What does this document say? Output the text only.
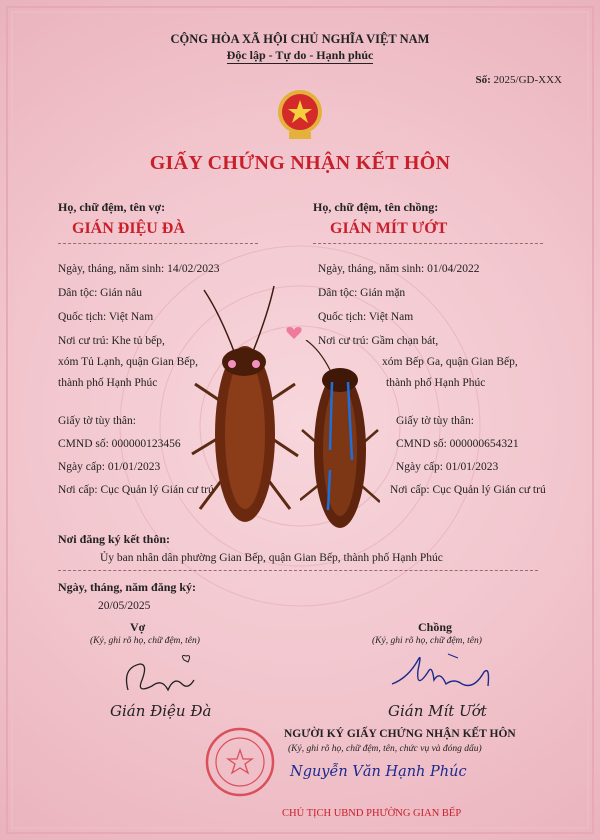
CỘNG HÒA XÃ HỘI CHỦ NGHĨA VIỆT NAM
Độc lập - Tự do - Hạnh phúc
Số: 2025/GD-XXX
GIẤY CHỨNG NHẬN KẾT HÔN
Họ, chữ đệm, tên vợ:
GIÁN ĐIỆU ĐÀ
Ngày, tháng, năm sinh: 14/02/2023
Dân tộc: Gián nâu
Quốc tịch: Việt Nam
Nơi cư trú: Khe tủ bếp,
xóm Tủ Lạnh, quận Gian Bếp,
thành phố Hạnh Phúc
Giấy tờ tùy thân:
CMND số: 000000123456
Ngày cấp: 01/01/2023
Nơi cấp: Cục Quản lý Gián cư trú
Họ, chữ đệm, tên chồng:
GIÁN MÍT ƯỚT
Ngày, tháng, năm sinh: 01/04/2022
Dân tộc: Gián mặn
Quốc tịch: Việt Nam
Nơi cư trú: Gầm chạn bát,
xóm Bếp Ga, quận Gian Bếp,
thành phố Hạnh Phúc
Giấy tờ tùy thân:
CMND số: 000000654321
Ngày cấp: 01/01/2023
Nơi cấp: Cục Quản lý Gián cư trú
Nơi đăng ký kết thôn:
Ủy ban nhân dân phường Gian Bếp, quận Gian Bếp, thành phố Hạnh Phúc
Ngày, tháng, năm đăng ký:
20/05/2025
Vợ
(Ký, ghi rõ họ, chữ đệm, tên)
Gián Điệu Đà
Chồng
(Ký, ghi rõ họ, chữ đệm, tên)
Gián Mít Ướt
NGƯỜI KÝ GIẤY CHỨNG NHẬN KẾT HÔN
(Ký, ghi rõ họ, chữ đệm, tên, chức vụ và đóng dấu)
Nguyễn Văn Hạnh Phúc
CHỦ TỊCH UBND PHƯỜNG GIAN BẾP
